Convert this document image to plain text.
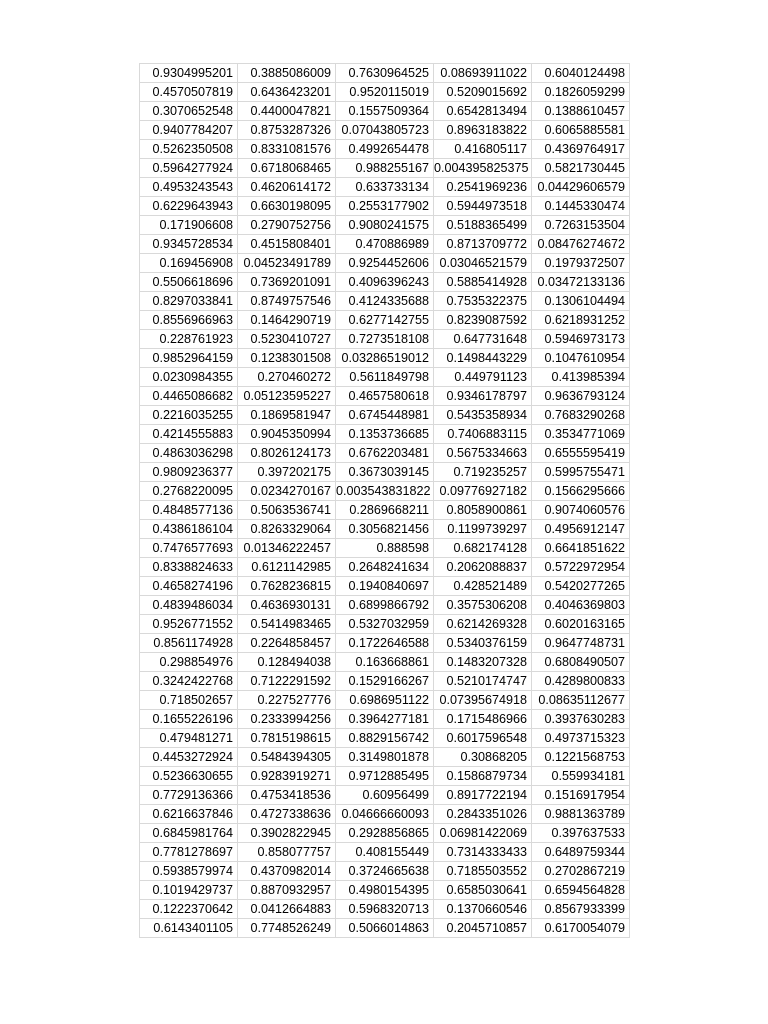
0.9304995201	0.3885086009	0.7630964525	0.08693911022	0.6040124498
0.4570507819	0.6436423201	0.9520115019	0.5209015692	0.1826059299
0.3070652548	0.4400047821	0.1557509364	0.6542813494	0.1388610457
0.9407784207	0.8753287326	0.07043805723	0.8963183822	0.6065885581
0.5262350508	0.8331081576	0.4992654478	0.416805117	0.4369764917
0.5964277924	0.6718068465	0.988255167	0.004395825375	0.5821730445
0.4953243543	0.4620614172	0.633733134	0.2541969236	0.04429606579
0.6229643943	0.6630198095	0.2553177902	0.5944973518	0.1445330474
0.171906608	0.2790752756	0.9080241575	0.5188365499	0.7263153504
0.9345728534	0.4515808401	0.470886989	0.8713709772	0.08476274672
0.169456908	0.04523491789	0.9254452606	0.03046521579	0.1979372507
0.5506618696	0.7369201091	0.4096396243	0.5885414928	0.03472133136
0.8297033841	0.8749757546	0.4124335688	0.7535322375	0.1306104494
0.8556966963	0.1464290719	0.6277142755	0.8239087592	0.6218931252
0.228761923	0.5230410727	0.7273518108	0.647731648	0.5946973173
0.9852964159	0.1238301508	0.03286519012	0.1498443229	0.1047610954
0.0230984355	0.270460272	0.5611849798	0.449791123	0.413985394
0.4465086682	0.05123595227	0.4657580618	0.9346178797	0.9636793124
0.2216035255	0.1869581947	0.6745448981	0.5435358934	0.7683290268
0.4214555883	0.9045350994	0.1353736685	0.7406883115	0.3534771069
0.4863036298	0.8026124173	0.6762203481	0.5675334663	0.6555595419
0.9809236377	0.397202175	0.3673039145	0.719235257	0.5995755471
0.2768220095	0.0234270167	0.003543831822	0.09776927182	0.1566295666
0.4848577136	0.5063536741	0.2869668211	0.8058900861	0.9074060576
0.4386186104	0.8263329064	0.3056821456	0.1199739297	0.4956912147
0.7476577693	0.01346222457	0.888598	0.682174128	0.6641851622
0.8338824633	0.6121142985	0.2648241634	0.2062088837	0.5722972954
0.4658274196	0.7628236815	0.1940840697	0.428521489	0.5420277265
0.4839486034	0.4636930131	0.6899866792	0.3575306208	0.4046369803
0.9526771552	0.5414983465	0.5327032959	0.6214269328	0.6020163165
0.8561174928	0.2264858457	0.1722646588	0.5340376159	0.9647748731
0.298854976	0.128494038	0.163668861	0.1483207328	0.6808490507
0.3242422768	0.7122291592	0.1529166267	0.5210174747	0.4289800833
0.718502657	0.227527776	0.6986951122	0.07395674918	0.08635112677
0.1655226196	0.2333994256	0.3964277181	0.1715486966	0.3937630283
0.479481271	0.7815198615	0.8829156742	0.6017596548	0.4973715323
0.4453272924	0.5484394305	0.3149801878	0.30868205	0.1221568753
0.5236630655	0.9283919271	0.9712885495	0.1586879734	0.559934181
0.7729136366	0.4753418536	0.60956499	0.8917722194	0.1516917954
0.6216637846	0.4727338636	0.04666660093	0.2843351026	0.9881363789
0.6845981764	0.3902822945	0.2928856865	0.06981422069	0.397637533
0.7781278697	0.858077757	0.408155449	0.7314333433	0.6489759344
0.5938579974	0.4370982014	0.3724665638	0.7185503552	0.2702867219
0.1019429737	0.8870932957	0.4980154395	0.6585030641	0.6594564828
0.1222370642	0.0412664883	0.5968320713	0.1370660546	0.8567933399
0.6143401105	0.7748526249	0.5066014863	0.2045710857	0.6170054079
